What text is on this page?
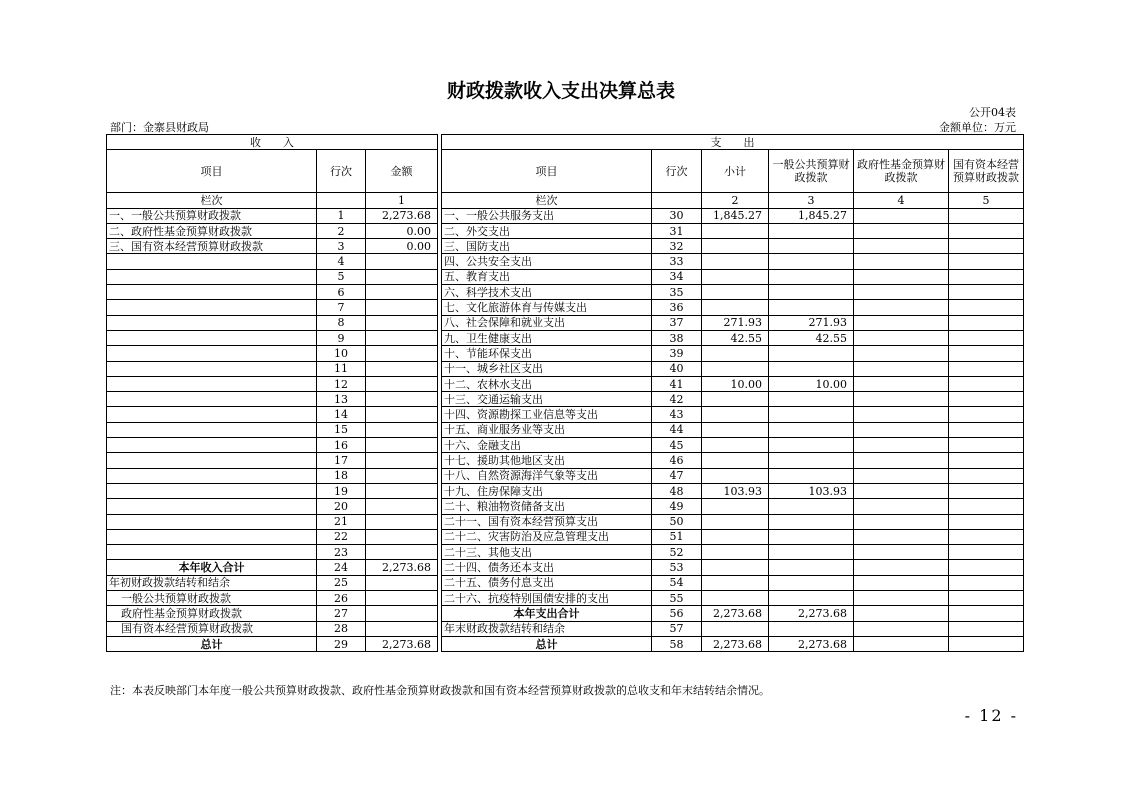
财政拨款收入支出决算总表
公开04表
部门：金寨县财政局	金额单位：万元
收　　入				支　　出					
项目	行次	金额		项目	行次	小计	一般公共预算财政拨款	政府性基金预算财政拨款	国有资本经营预算财政拨款
栏次		1		栏次		2	3	4	5
一、一般公共预算财政拨款	1	2,273.68		一、一般公共服务支出	30	1,845.27	1,845.27		
二、政府性基金预算财政拨款	2	0.00		二、外交支出	31				
三、国有资本经营预算财政拨款	3	0.00		三、国防支出	32				
	4			四、公共安全支出	33				
	5			五、教育支出	34				
	6			六、科学技术支出	35				
	7			七、文化旅游体育与传媒支出	36				
	8			八、社会保障和就业支出	37	271.93	271.93		
	9			九、卫生健康支出	38	42.55	42.55		
	10			十、节能环保支出	39				
	11			十一、城乡社区支出	40				
	12			十二、农林水支出	41	10.00	10.00		
	13			十三、交通运输支出	42				
	14			十四、资源勘探工业信息等支出	43				
	15			十五、商业服务业等支出	44				
	16			十六、金融支出	45				
	17			十七、援助其他地区支出	46				
	18			十八、自然资源海洋气象等支出	47				
	19			十九、住房保障支出	48	103.93	103.93		
	20			二十、粮油物资储备支出	49				
	21			二十一、国有资本经营预算支出	50				
	22			二十二、灾害防治及应急管理支出	51				
	23			二十三、其他支出	52				
本年收入合计	24	2,273.68		二十四、债务还本支出	53				
年初财政拨款结转和结余	25			二十五、债务付息支出	54				
一般公共预算财政拨款	26			二十六、抗疫特别国债安排的支出	55				
政府性基金预算财政拨款	27			本年支出合计	56	2,273.68	2,273.68		
国有资本经营预算财政拨款	28			年末财政拨款结转和结余	57				
总计	29	2,273.68		总计	58	2,273.68	2,273.68		
注：本表反映部门本年度一般公共预算财政拨款、政府性基金预算财政拨款和国有资本经营预算财政拨款的总收支和年末结转结余情况。
- 12 -
